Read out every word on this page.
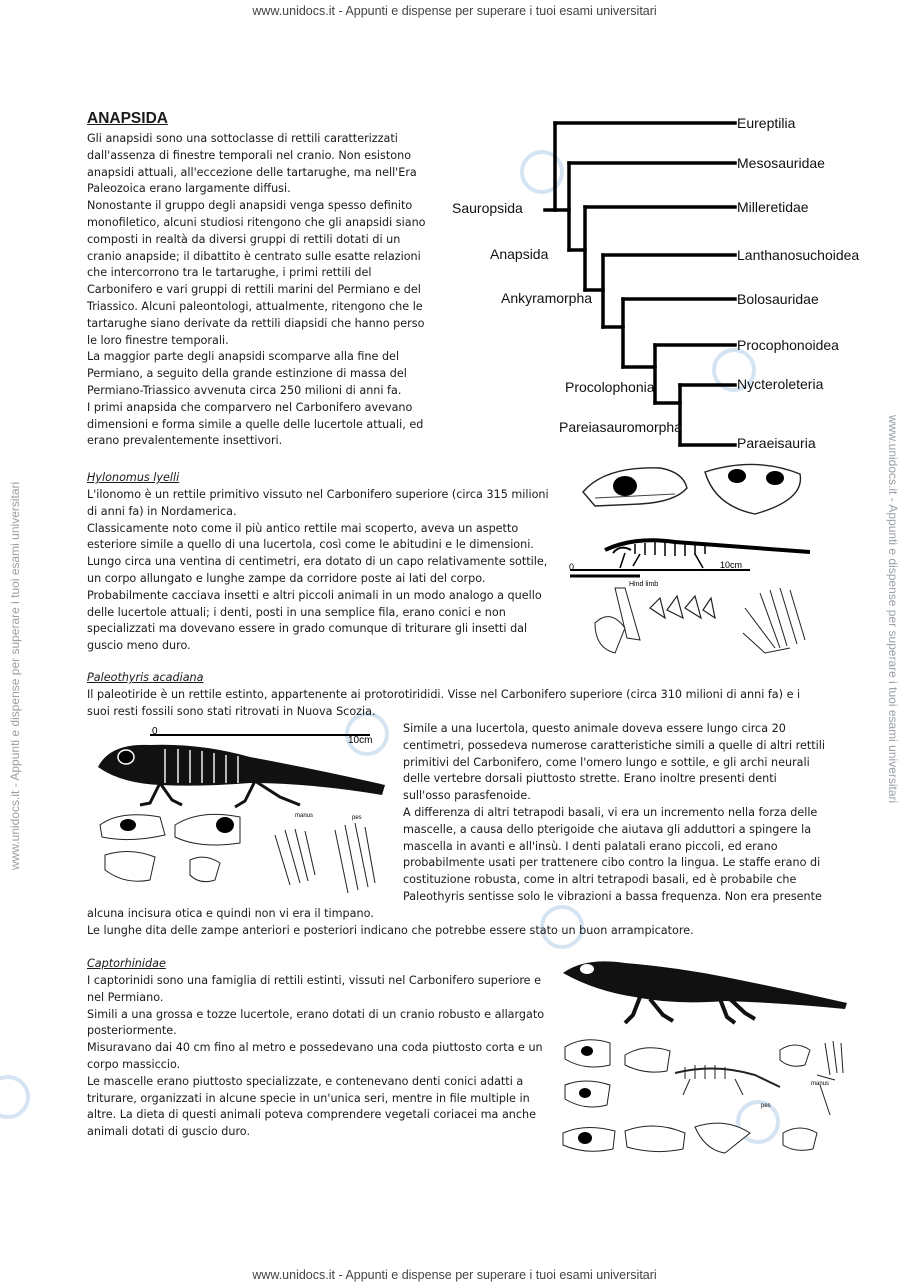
www.unidocs.it - Appunti e dispense per superare i tuoi esami universitari
www.unidocs.it - Appunti e dispense per superare i tuoi esami universitari
www.unidocs.it - Appunti e dispense per superare i tuoi esami universitari	www.unidocs.it - Appunti e dispense per superare i tuoi esami universitari
ANAPSIDA
Gli anapsidi sono una sottoclasse di rettili caratterizzati
dall'assenza di finestre temporali nel cranio. Non esistono
anapsidi attuali, all'eccezione delle tartarughe, ma nell'Era
Paleozoica erano largamente diffusi.
Nonostante il gruppo degli anapsidi venga spesso definito
monofiletico, alcuni studiosi ritengono che gli anapsidi siano
composti in realtà da diversi gruppi di rettili dotati di un
cranio anapside; il dibattito è centrato sulle esatte relazioni
che intercorrono tra le tartarughe, i primi rettili del
Carbonifero e vari gruppi di rettili marini del Permiano e del
Triassico. Alcuni paleontologi, attualmente, ritengono che le
tartarughe siano derivate da rettili diapsidi che hanno perso
le loro finestre temporali.
La maggior parte degli anapsidi scomparve alla fine del
Permiano, a seguito della grande estinzione di massa del
Permiano-Triassico avvenuta circa 250 milioni di anni fa.
I primi anapsida che comparvero nel Carbonifero avevano
dimensioni e forma simile a quelle delle lucertole attuali, ed
erano prevalentemente insettivori.
Eureptilia
Mesosauridae
Milleretidae
Lanthanosuchoidea
Bolosauridae
Procophonoidea
Nycteroleteria
Paraeisauria
Sauropsida
Anapsida
Ankyramorpha
Procolophonia
Pareiasauromorpha
Hylonomus lyelli
L'ilonomo è un rettile primitivo vissuto nel Carbonifero superiore (circa 315 milioni
di anni fa) in Nordamerica.
Classicamente noto come il più antico rettile mai scoperto, aveva un aspetto
esteriore simile a quello di una lucertola, così come le abitudini e le dimensioni.
Lungo circa una ventina di centimetri, era dotato di un capo relativamente sottile,
un corpo allungato e lunghe zampe da corridore poste ai lati del corpo.
Probabilmente cacciava insetti e altri piccoli animali in un modo analogo a quello
delle lucertole attuali; i denti, posti in una semplice fila, erano conici e non
specializzati ma dovevano essere in grado comunque di triturare gli insetti dal
guscio meno duro.
0	10cm
Hind limb
Paleothyris acadiana
Il paleotiride è un rettile estinto, appartenente ai protorotirididi. Visse nel Carbonifero superiore (circa 310 milioni di anni fa) e i
suoi resti fossili sono stati ritrovati in Nuova Scozia.
Simile a una lucertola, questo animale doveva essere lungo circa 20
centimetri, possedeva numerose caratteristiche simili a quelle di altri rettili
primitivi del Carbonifero, come l'omero lungo e sottile, e gli archi neurali
delle vertebre dorsali piuttosto strette. Erano inoltre presenti denti
sull'osso parasfenoide.
A differenza di altri tetrapodi basali, vi era un incremento nella forza delle
mascelle, a causa dello pterigoide che aiutava gli adduttori a spingere la
mascella in avanti e all'insù. I denti palatali erano piccoli, ed erano
probabilmente usati per trattenere cibo contro la lingua. Le staffe erano di
costituzione robusta, come in altri tetrapodi basali, ed è probabile che
Paleothyris sentisse solo le vibrazioni a bassa frequenza. Non era presente
alcuna incisura otica e quindi non vi era il timpano.
Le lunghe dita delle zampe anteriori e posteriori indicano che potrebbe essere stato un buon arrampicatore.
0
10cm
manus	pes
Captorhinidae
I captorinidi sono una famiglia di rettili estinti, vissuti nel Carbonifero superiore e
nel Permiano.
Simili a una grossa e tozze lucertole, erano dotati di un cranio robusto e allargato
posteriormente.
Misuravano dai 40 cm fino al metro e possedevano una coda piuttosto corta e un
corpo massiccio.
Le mascelle erano piuttosto specializzate, e contenevano denti conici adatti a
triturare, organizzati in alcune specie in un'unica seri, mentre in file multiple in
altre. La dieta di questi animali poteva comprendere vegetali coriacei ma anche
animali dotati di guscio duro.
pes
manus
